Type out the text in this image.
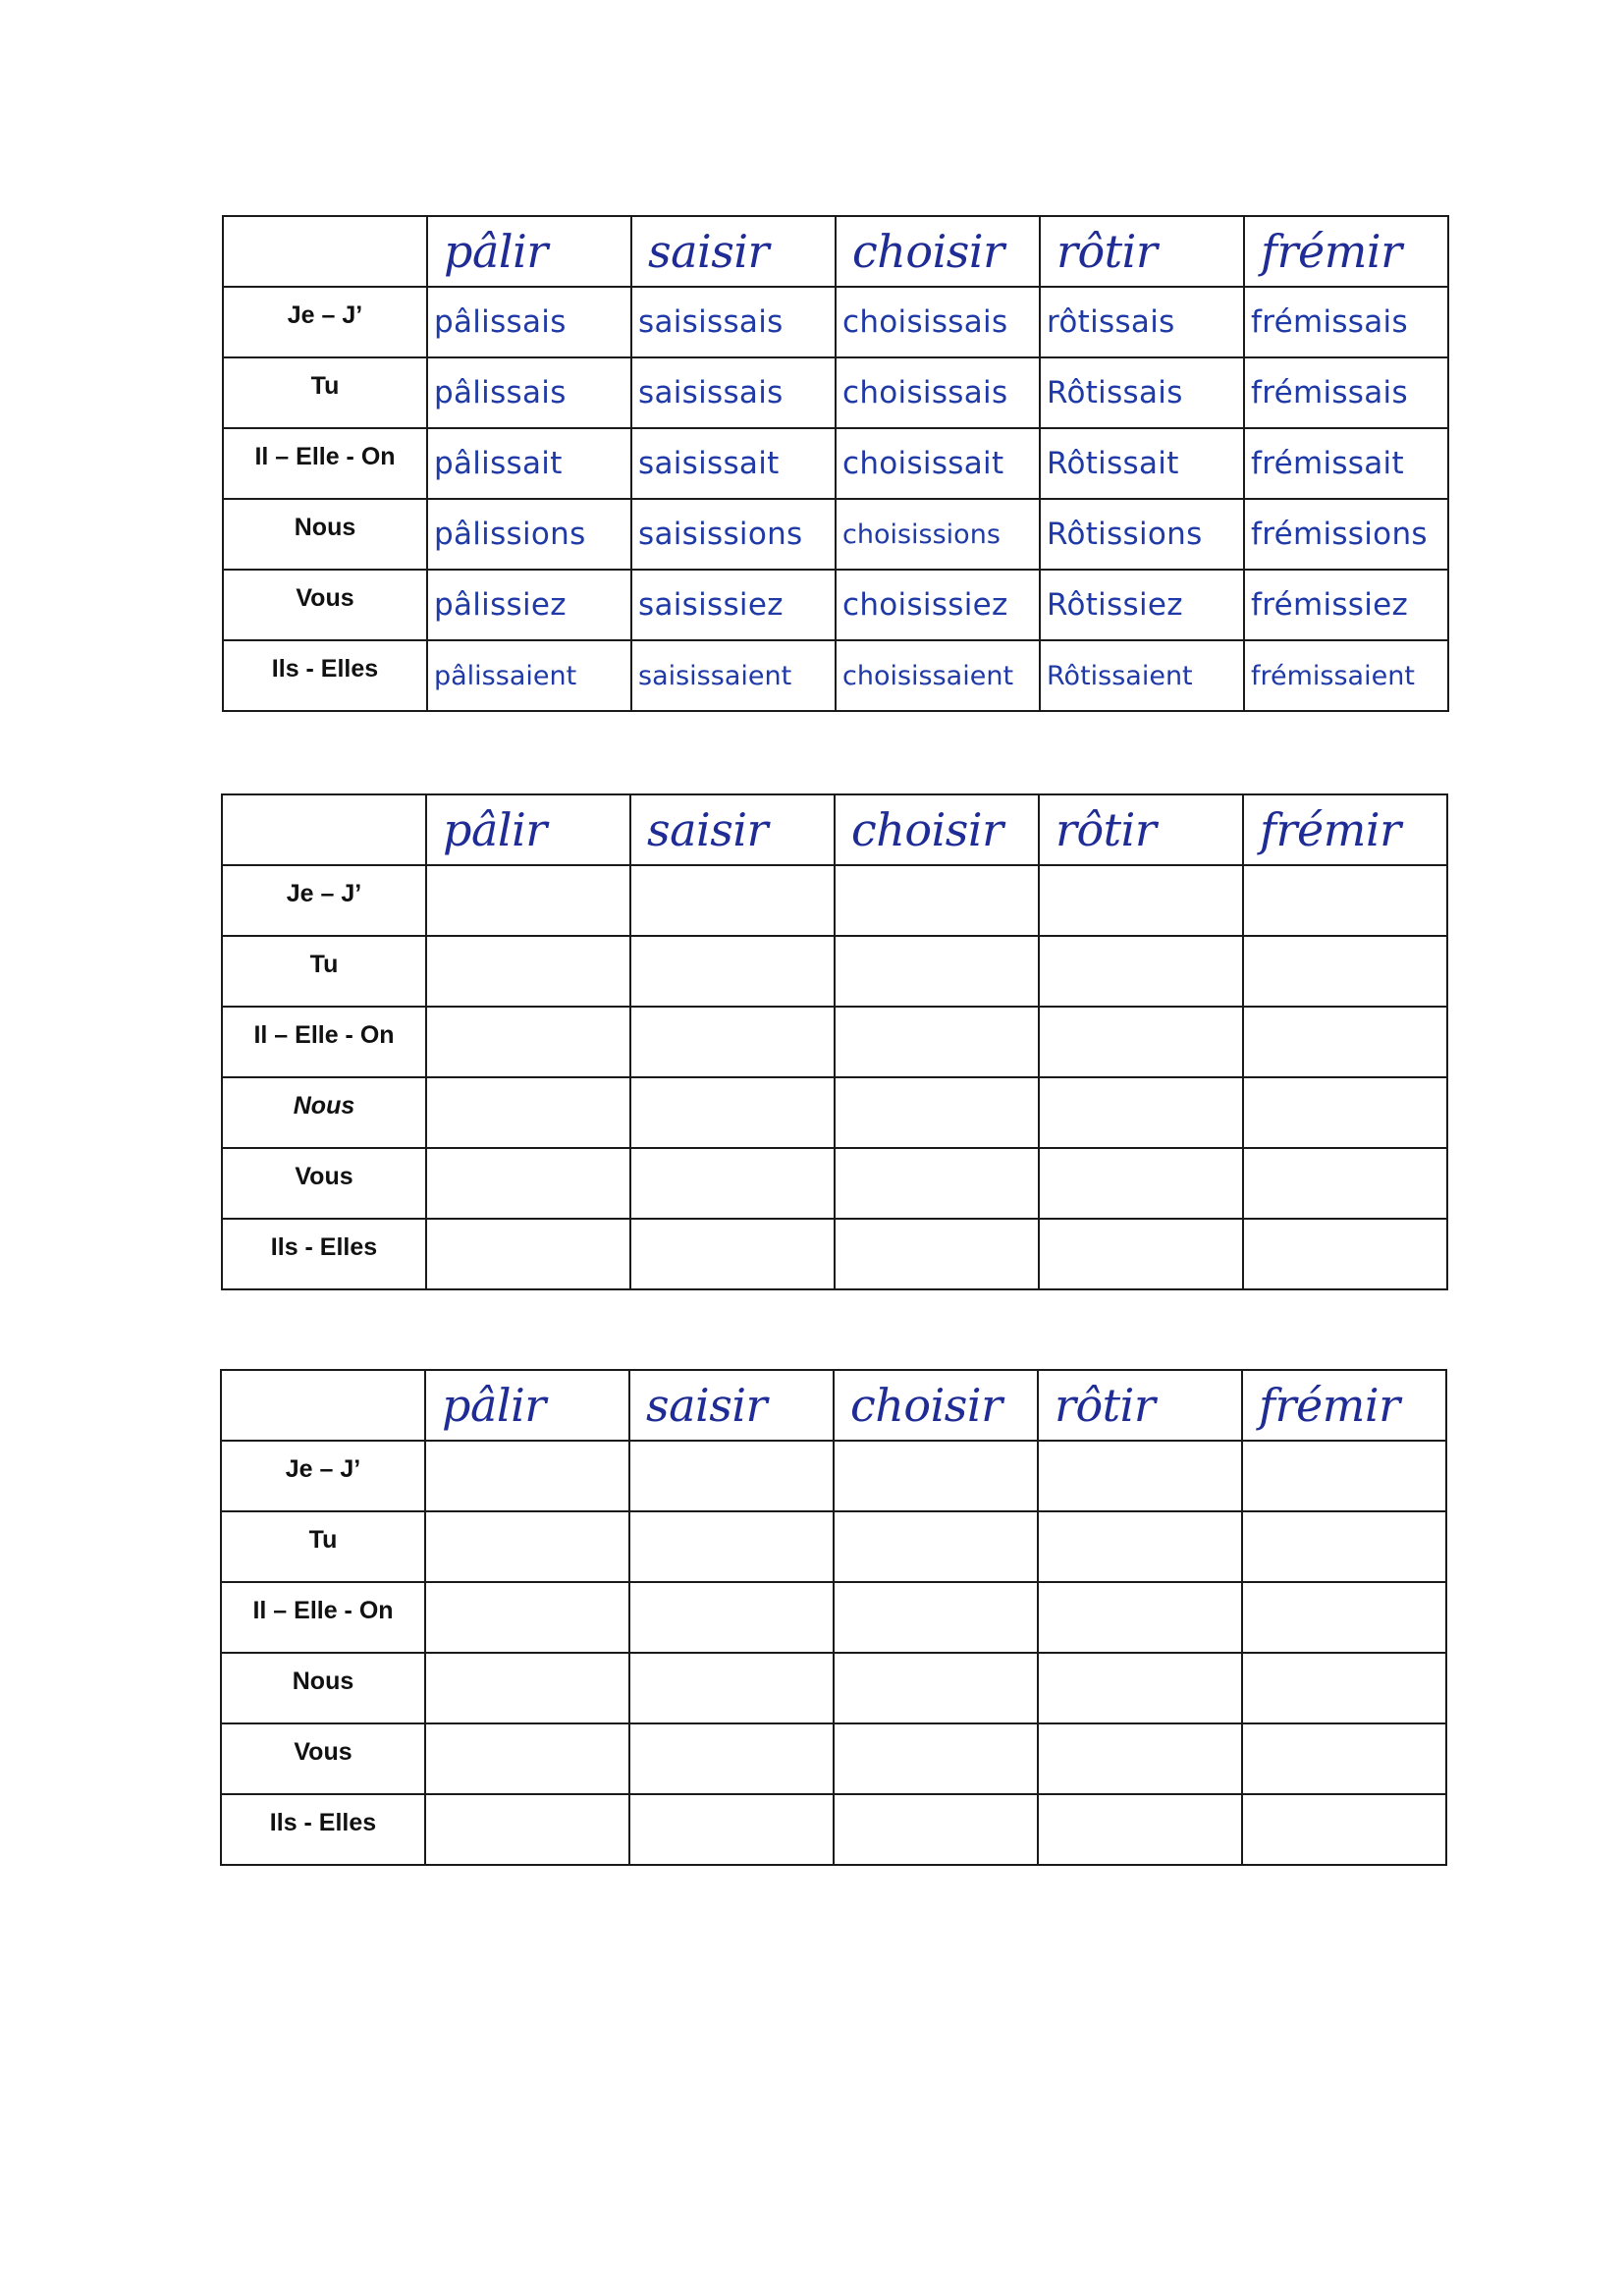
	pâlir	saisir	choisir	rôtir	frémir
Je – J’	pâlissais	saisissais	choisissais	rôtissais	frémissais
Tu	pâlissais	saisissais	choisissais	Rôtissais	frémissais
Il – Elle - On	pâlissait	saisissait	choisissait	Rôtissait	frémissait
Nous	pâlissions	saisissions	choisissions	Rôtissions	frémissions
Vous	pâlissiez	saisissiez	choisissiez	Rôtissiez	frémissiez
Ils - Elles	pâlissaient	saisissaient	choisissaient	Rôtissaient	frémissaient
	pâlir	saisir	choisir	rôtir	frémir
Je – J’					
Tu					
Il – Elle - On					
Nous					
Vous					
Ils - Elles					
	pâlir	saisir	choisir	rôtir	frémir
Je – J’					
Tu					
Il – Elle - On					
Nous					
Vous					
Ils - Elles					
